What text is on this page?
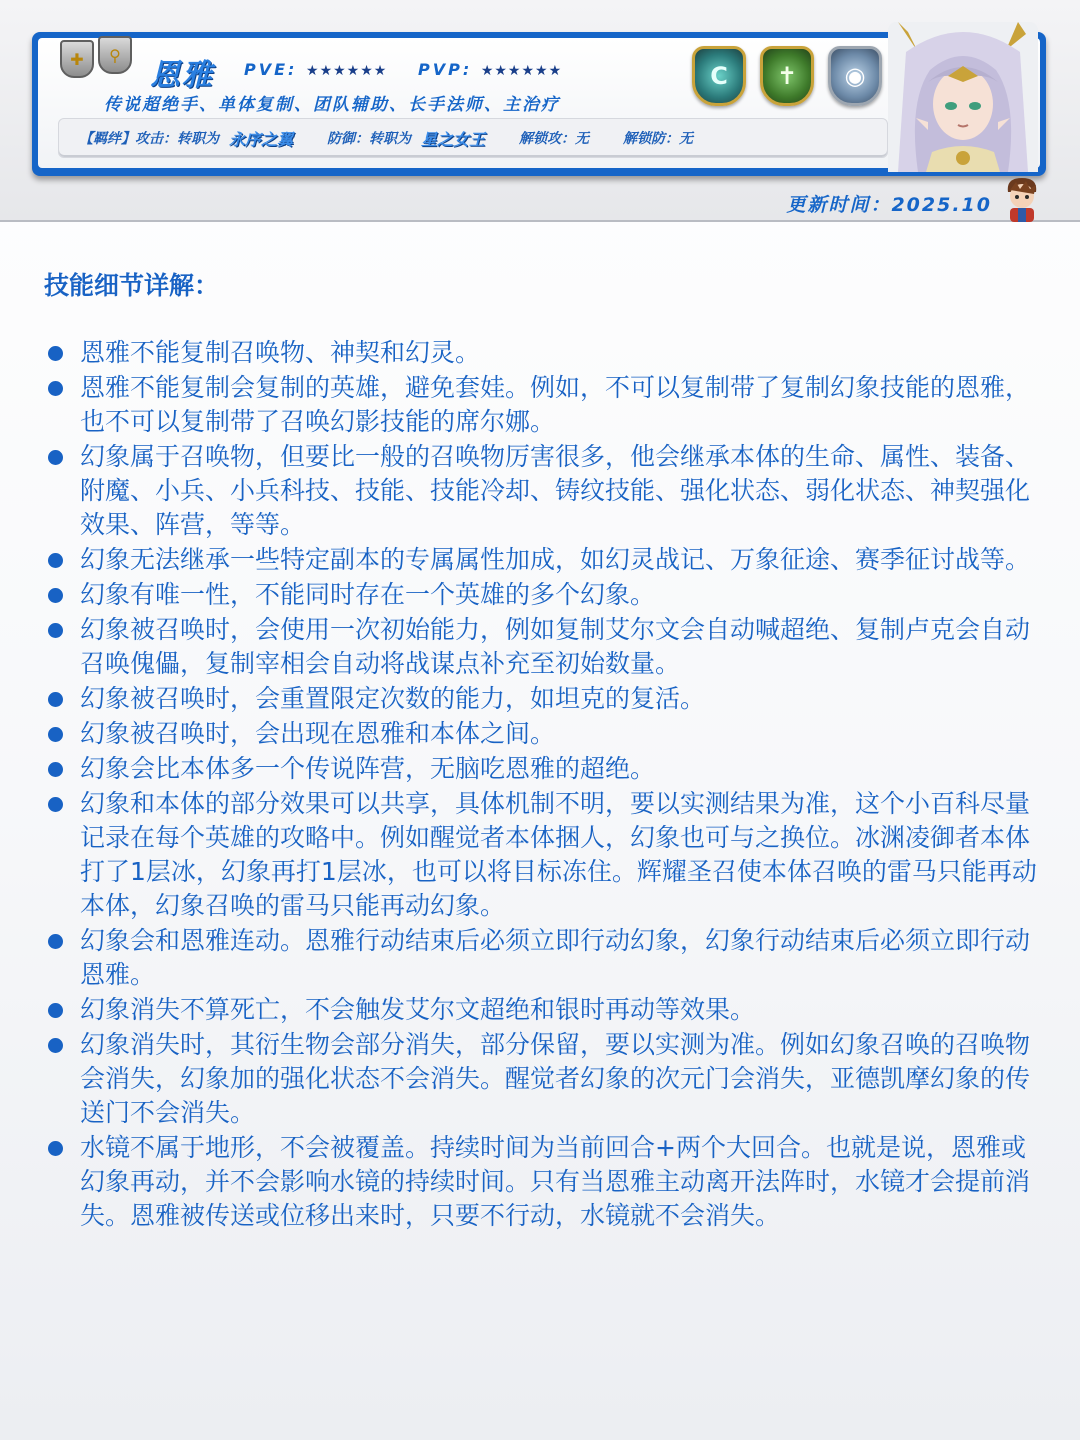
✚	⚲
恩雅 PVE: ★★★★★★ PVP: ★★★★★★
传说超绝手、单体复制、团队辅助、长手法师、主治疗
【羁绊】攻击：转职为 永序之翼 防御：转职为 星之女王 解锁攻：无 解锁防：无
C	✝	◉
更新时间：2025.10
技能细节详解：
恩雅不能复制召唤物、神契和幻灵。
恩雅不能复制会复制的英雄，避免套娃。例如，不可以复制带了复制幻象技能的恩雅，也不可以复制带了召唤幻影技能的席尔娜。
幻象属于召唤物，但要比一般的召唤物厉害很多，他会继承本体的生命、属性、装备、附魔、小兵、小兵科技、技能、技能冷却、铸纹技能、强化状态、弱化状态、神契强化效果、阵营，等等。
幻象无法继承一些特定副本的专属属性加成，如幻灵战记、万象征途、赛季征讨战等。
幻象有唯一性，不能同时存在一个英雄的多个幻象。
幻象被召唤时，会使用一次初始能力，例如复制艾尔文会自动喊超绝、复制卢克会自动召唤傀儡，复制宰相会自动将战谋点补充至初始数量。
幻象被召唤时，会重置限定次数的能力，如坦克的复活。
幻象被召唤时，会出现在恩雅和本体之间。
幻象会比本体多一个传说阵营，无脑吃恩雅的超绝。
幻象和本体的部分效果可以共享，具体机制不明，要以实测结果为准，这个小百科尽量记录在每个英雄的攻略中。例如醒觉者本体捆人，幻象也可与之换位。冰渊凌御者本体打了1层冰，幻象再打1层冰，也可以将目标冻住。辉耀圣召使本体召唤的雷马只能再动本体，幻象召唤的雷马只能再动幻象。
幻象会和恩雅连动。恩雅行动结束后必须立即行动幻象，幻象行动结束后必须立即行动恩雅。
幻象消失不算死亡，不会触发艾尔文超绝和银时再动等效果。
幻象消失时，其衍生物会部分消失，部分保留，要以实测为准。例如幻象召唤的召唤物会消失，幻象加的强化状态不会消失。醒觉者幻象的次元门会消失，亚德凯摩幻象的传送门不会消失。
水镜不属于地形，不会被覆盖。持续时间为当前回合+两个大回合。也就是说，恩雅或幻象再动，并不会影响水镜的持续时间。只有当恩雅主动离开法阵时，水镜才会提前消失。恩雅被传送或位移出来时，只要不行动，水镜就不会消失。
